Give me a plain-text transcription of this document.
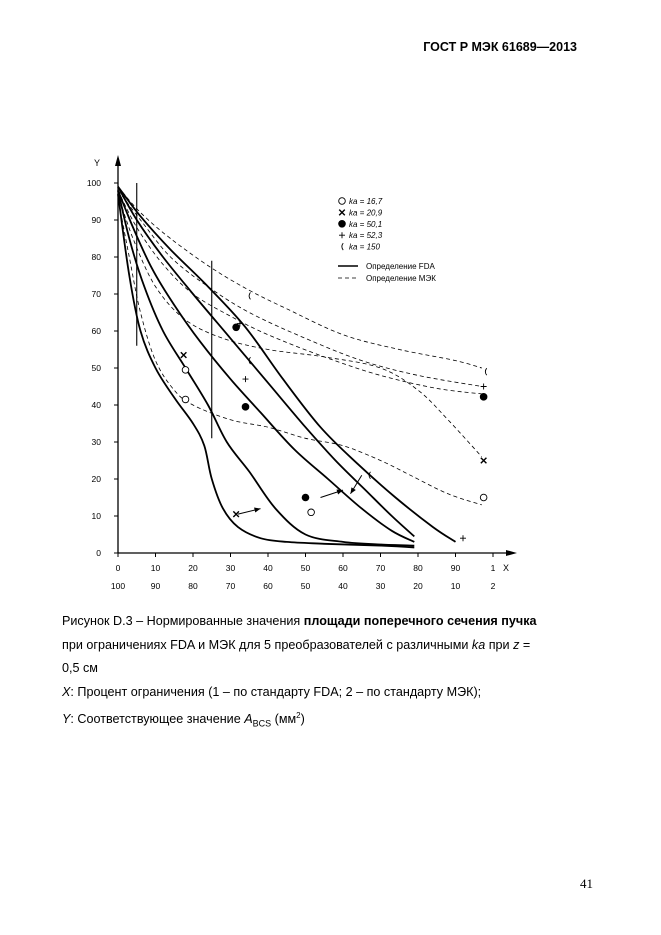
ГОСТ Р МЭК 61689—2013
Y
X
0
10
20
30
40
50
60
70
80
90
100
0
100
10
90
20
80
30
70
40
60
50
50
60
40
70
30
80
20
90
10
1
2
ka = 16,7
ka = 20,9
ka = 50,1
ka = 52,3
ka = 150
Определение FDA
Определение МЭК

Рисунок D.3 – Нормированные значения площади поперечного сечения пучка

при ограничениях FDA и МЭК для 5 преобразователей с различными ka при z =

0,5 см

X: Процент ограничения (1 – по стандарту FDA; 2 – по стандарту МЭК);

Y: Соответствующее значение $A_{BCS}$ $(мм^2)$

41
